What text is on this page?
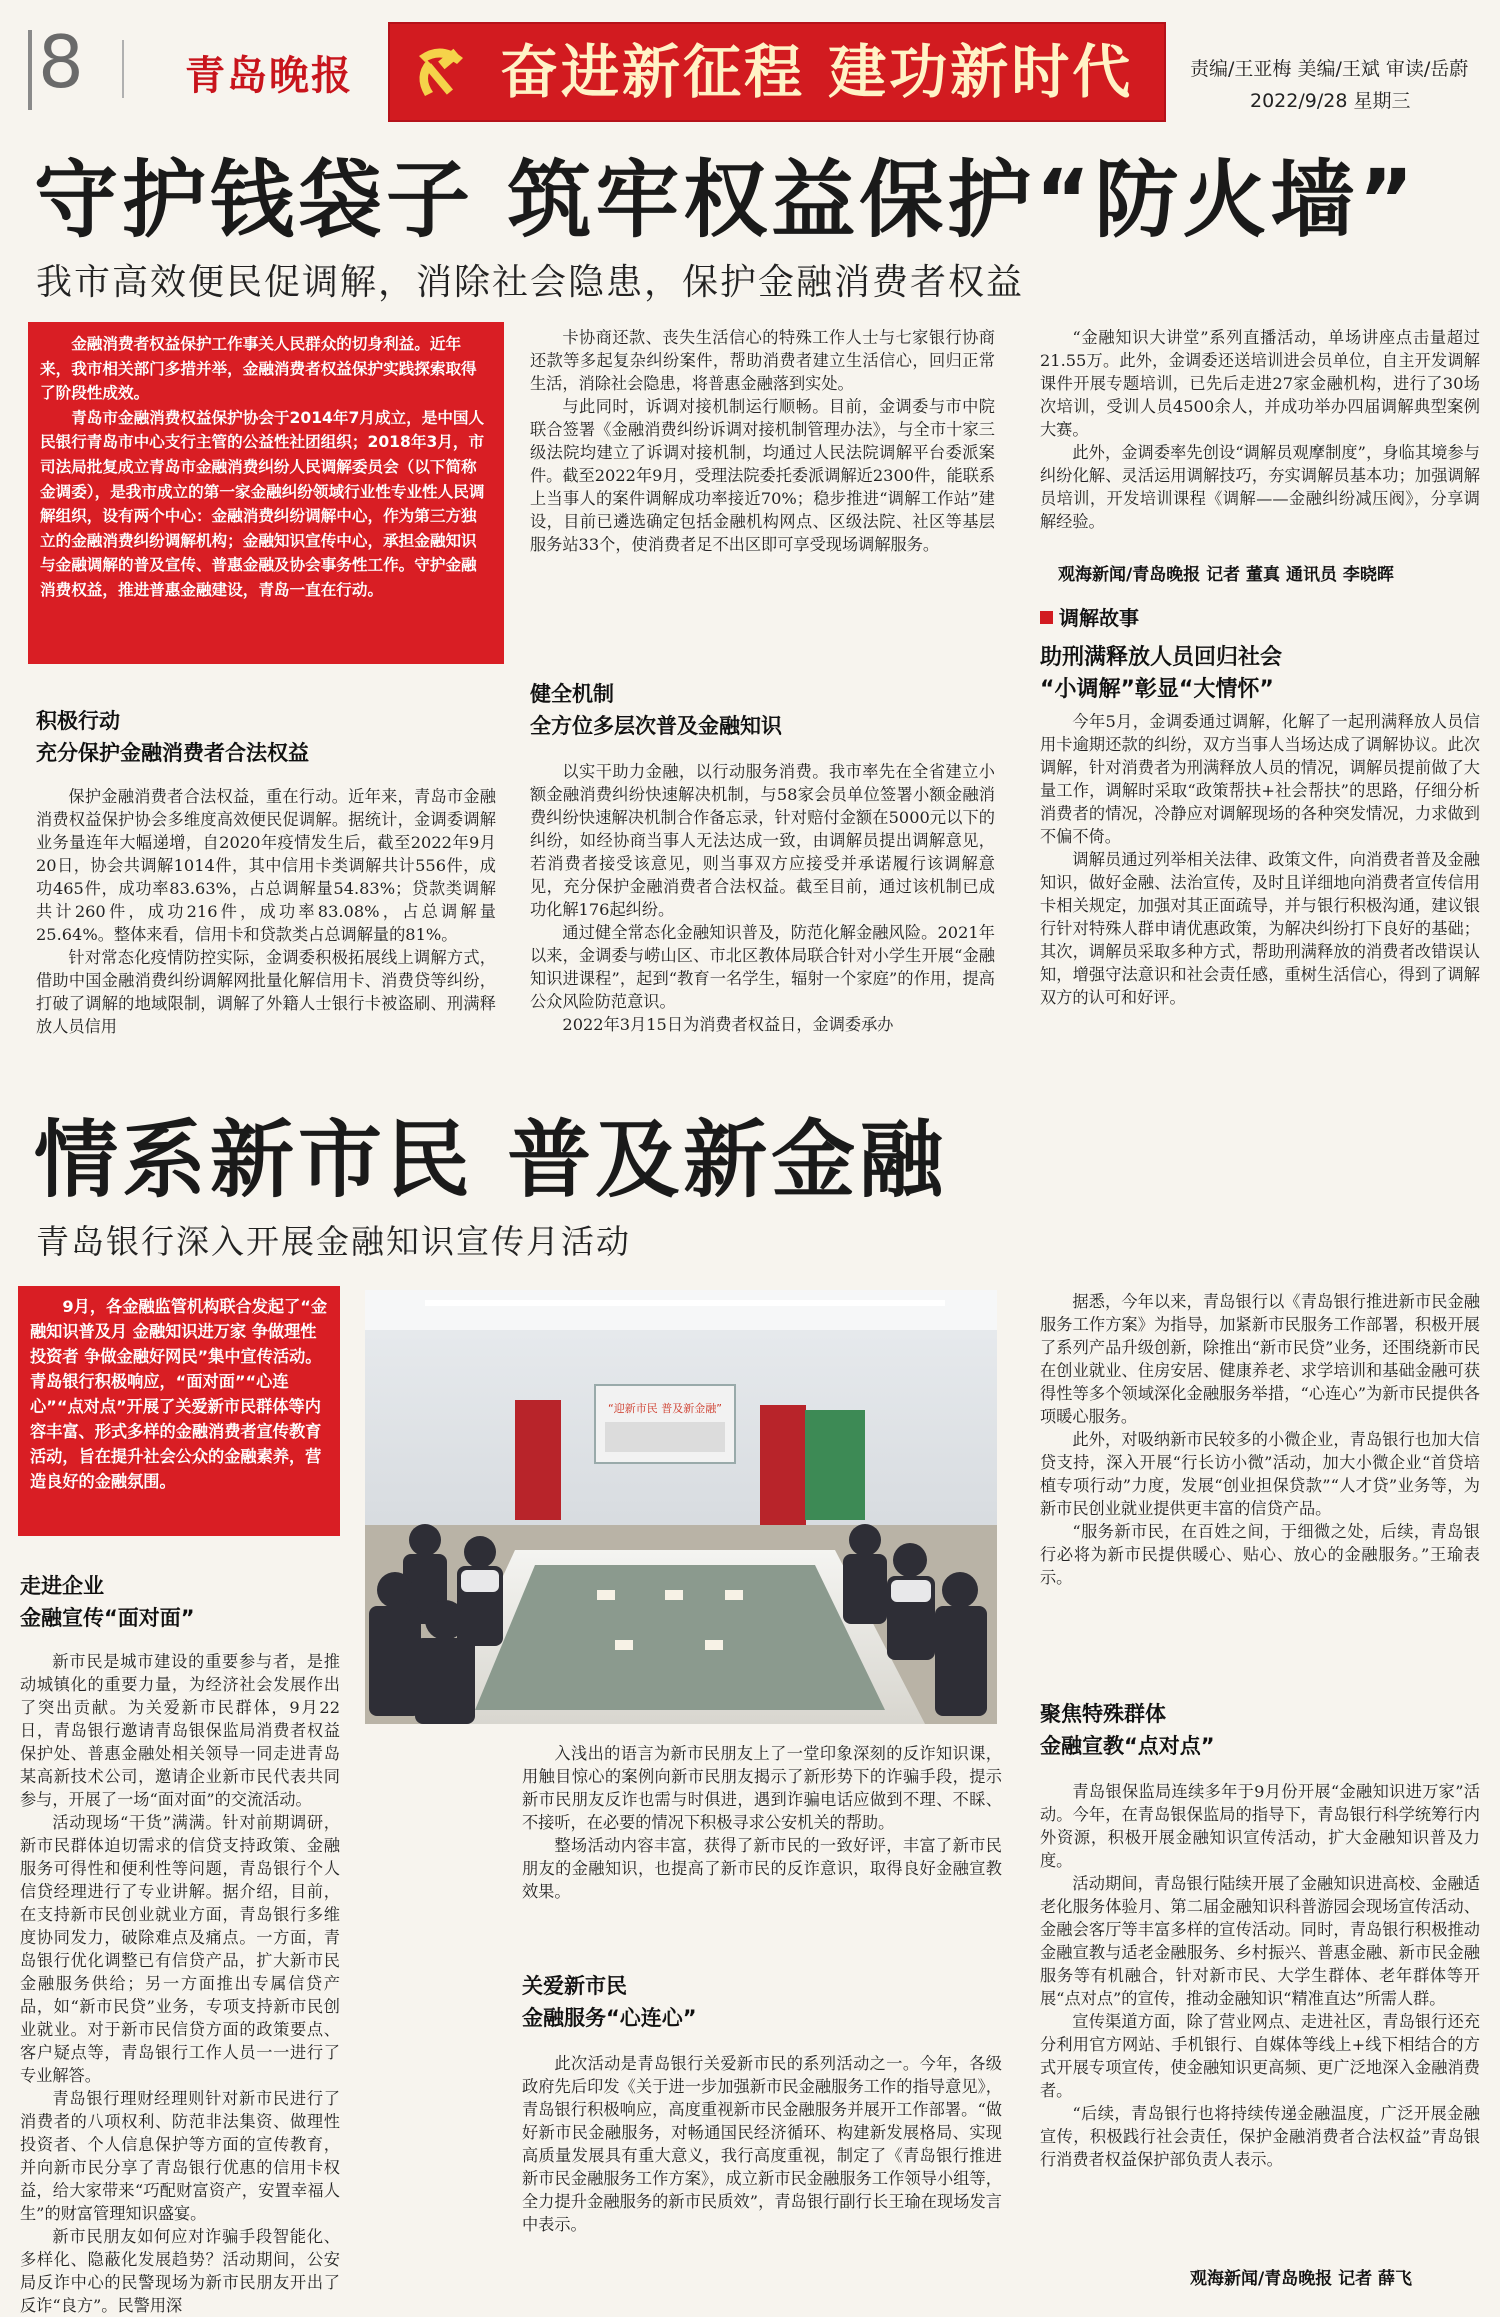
8	青岛晚报	奋进新征程 建功新时代	责编/王亚梅 美编/王斌 审读/岳蔚
2022/9/28 星期三
守护钱袋子 筑牢权益保护“防火墙”
我市高效便民促调解，消除社会隐患，保护金融消费者权益

金融消费者权益保护工作事关人民群众的切身利益。近年来，我市相关部门多措并举，金融消费者权益保护实践探索取得了阶段性成效。

青岛市金融消费权益保护协会于2014年7月成立，是中国人民银行青岛市中心支行主管的公益性社团组织；2018年3月，市司法局批复成立青岛市金融消费纠纷人民调解委员会（以下简称金调委），是我市成立的第一家金融纠纷领域行业性专业性人民调解组织，设有两个中心：金融消费纠纷调解中心，作为第三方独立的金融消费纠纷调解机构；金融知识宣传中心，承担金融知识与金融调解的普及宣传、普惠金融及协会事务性工作。守护金融消费权益，推进普惠金融建设，青岛一直在行动。

积极行动
充分保护金融消费者合法权益

保护金融消费者合法权益，重在行动。近年来，青岛市金融消费权益保护协会多维度高效便民促调解。据统计，金调委调解业务量连年大幅递增，自2020年疫情发生后，截至2022年9月20日，协会共调解1014件，其中信用卡类调解共计556件，成功465件，成功率83.63%，占总调解量54.83%；贷款类调解共计260件，成功216件，成功率83.08%，占总调解量25.64%。整体来看，信用卡和贷款类占总调解量的81%。

针对常态化疫情防控实际，金调委积极拓展线上调解方式，借助中国金融消费纠纷调解网批量化解信用卡、消费贷等纠纷，打破了调解的地域限制，调解了外籍人士银行卡被盗刷、刑满释放人员信用

卡协商还款、丧失生活信心的特殊工作人士与七家银行协商还款等多起复杂纠纷案件，帮助消费者建立生活信心，回归正常生活，消除社会隐患，将普惠金融落到实处。

与此同时，诉调对接机制运行顺畅。目前，金调委与市中院联合签署《金融消费纠纷诉调对接机制管理办法》，与全市十家三级法院均建立了诉调对接机制，均通过人民法院调解平台委派案件。截至2022年9月，受理法院委托委派调解近2300件，能联系上当事人的案件调解成功率接近70%；稳步推进“调解工作站”建设，目前已遴选确定包括金融机构网点、区级法院、社区等基层服务站33个，使消费者足不出区即可享受现场调解服务。

健全机制
全方位多层次普及金融知识

以实干助力金融，以行动服务消费。我市率先在全省建立小额金融消费纠纷快速解决机制，与58家会员单位签署小额金融消费纠纷快速解决机制合作备忘录，针对赔付金额在5000元以下的纠纷，如经协商当事人无法达成一致，由调解员提出调解意见，若消费者接受该意见，则当事双方应接受并承诺履行该调解意见，充分保护金融消费者合法权益。截至目前，通过该机制已成功化解176起纠纷。

通过健全常态化金融知识普及，防范化解金融风险。2021年以来，金调委与崂山区、市北区教体局联合针对小学生开展“金融知识进课程”，起到“教育一名学生，辐射一个家庭”的作用，提高公众风险防范意识。

2022年3月15日为消费者权益日，金调委承办

“金融知识大讲堂”系列直播活动，单场讲座点击量超过21.55万。此外，金调委还送培训进会员单位，自主开发调解课件开展专题培训，已先后走进27家金融机构，进行了30场次培训，受训人员4500余人，并成功举办四届调解典型案例大赛。

此外，金调委率先创设“调解员观摩制度”，身临其境参与纠纷化解、灵活运用调解技巧，夯实调解员基本功；加强调解员培训，开发培训课程《调解——金融纠纷减压阀》，分享调解经验。

观海新闻/青岛晚报 记者 董真 通讯员 李晓晖
调解故事
助刑满释放人员回归社会
“小调解”彰显“大情怀”

今年5月，金调委通过调解，化解了一起刑满释放人员信用卡逾期还款的纠纷，双方当事人当场达成了调解协议。此次调解，针对消费者为刑满释放人员的情况，调解员提前做了大量工作，调解时采取“政策帮扶+社会帮扶”的思路，仔细分析消费者的情况，冷静应对调解现场的各种突发情况，力求做到不偏不倚。

调解员通过列举相关法律、政策文件，向消费者普及金融知识，做好金融、法治宣传，及时且详细地向消费者宣传信用卡相关规定，加强对其正面疏导，并与银行积极沟通，建议银行针对特殊人群申请优惠政策，为解决纠纷打下良好的基础；其次，调解员采取多种方式，帮助刑满释放的消费者改错误认知，增强守法意识和社会责任感，重树生活信心，得到了调解双方的认可和好评。

情系新市民 普及新金融
青岛银行深入开展金融知识宣传月活动

9月，各金融监管机构联合发起了“金融知识普及月 金融知识进万家 争做理性投资者 争做金融好网民”集中宣传活动。青岛银行积极响应，“面对面”“心连心”“点对点”开展了关爱新市民群体等内容丰富、形式多样的金融消费者宣传教育活动，旨在提升社会公众的金融素养，营造良好的金融氛围。

“迎新市民 普及新金融”
走进企业
金融宣传“面对面”

新市民是城市建设的重要参与者，是推动城镇化的重要力量，为经济社会发展作出了突出贡献。为关爱新市民群体，9月22日，青岛银行邀请青岛银保监局消费者权益保护处、普惠金融处相关领导一同走进青岛某高新技术公司，邀请企业新市民代表共同参与，开展了一场“面对面”的交流活动。

活动现场“干货”满满。针对前期调研，新市民群体迫切需求的信贷支持政策、金融服务可得性和便利性等问题，青岛银行个人信贷经理进行了专业讲解。据介绍，目前，在支持新市民创业就业方面，青岛银行多维度协同发力，破除难点及痛点。一方面，青岛银行优化调整已有信贷产品，扩大新市民金融服务供给；另一方面推出专属信贷产品，如“新市民贷”业务，专项支持新市民创业就业。对于新市民信贷方面的政策要点、客户疑点等，青岛银行工作人员一一进行了专业解答。

青岛银行理财经理则针对新市民进行了消费者的八项权利、防范非法集资、做理性投资者、个人信息保护等方面的宣传教育，并向新市民分享了青岛银行优惠的信用卡权益，给大家带来“巧配财富资产，安置幸福人生”的财富管理知识盛宴。

新市民朋友如何应对诈骗手段智能化、多样化、隐蔽化发展趋势？活动期间，公安局反诈中心的民警现场为新市民朋友开出了反诈“良方”。民警用深

入浅出的语言为新市民朋友上了一堂印象深刻的反诈知识课，用触目惊心的案例向新市民朋友揭示了新形势下的诈骗手段，提示新市民朋友反诈也需与时俱进，遇到诈骗电话应做到不理、不睬、不接听，在必要的情况下积极寻求公安机关的帮助。

整场活动内容丰富，获得了新市民的一致好评，丰富了新市民朋友的金融知识，也提高了新市民的反诈意识，取得良好金融宣教效果。

关爱新市民
金融服务“心连心”

此次活动是青岛银行关爱新市民的系列活动之一。今年，各级政府先后印发《关于进一步加强新市民金融服务工作的指导意见》，青岛银行积极响应，高度重视新市民金融服务并展开工作部署。“做好新市民金融服务，对畅通国民经济循环、构建新发展格局、实现高质量发展具有重大意义，我行高度重视，制定了《青岛银行推进新市民金融服务工作方案》，成立新市民金融服务工作领导小组等，全力提升金融服务的新市民质效”，青岛银行副行长王瑜在现场发言中表示。

据悉，今年以来，青岛银行以《青岛银行推进新市民金融服务工作方案》为指导，加紧新市民服务工作部署，积极开展了系列产品升级创新，除推出“新市民贷”业务，还围绕新市民在创业就业、住房安居、健康养老、求学培训和基础金融可获得性等多个领域深化金融服务举措，“心连心”为新市民提供各项暖心服务。

此外，对吸纳新市民较多的小微企业，青岛银行也加大信贷支持，深入开展“行长访小微”活动，加大小微企业“首贷培植专项行动”力度，发展“创业担保贷款”“人才贷”业务等，为新市民创业就业提供更丰富的信贷产品。

“服务新市民，在百姓之间，于细微之处，后续，青岛银行必将为新市民提供暖心、贴心、放心的金融服务。”王瑜表示。

聚焦特殊群体
金融宣教“点对点”

青岛银保监局连续多年于9月份开展“金融知识进万家”活动。今年，在青岛银保监局的指导下，青岛银行科学统筹行内外资源，积极开展金融知识宣传活动，扩大金融知识普及力度。

活动期间，青岛银行陆续开展了金融知识进高校、金融适老化服务体验月、第二届金融知识科普游园会现场宣传活动、金融会客厅等丰富多样的宣传活动。同时，青岛银行积极推动金融宣教与适老金融服务、乡村振兴、普惠金融、新市民金融服务等有机融合，针对新市民、大学生群体、老年群体等开展“点对点”的宣传，推动金融知识“精准直达”所需人群。

宣传渠道方面，除了营业网点、走进社区，青岛银行还充分利用官方网站、手机银行、自媒体等线上+线下相结合的方式开展专项宣传，使金融知识更高频、更广泛地深入金融消费者。

“后续，青岛银行也将持续传递金融温度，广泛开展金融宣传，积极践行社会责任，保护金融消费者合法权益”青岛银行消费者权益保护部负责人表示。

观海新闻/青岛晚报 记者 薛飞
